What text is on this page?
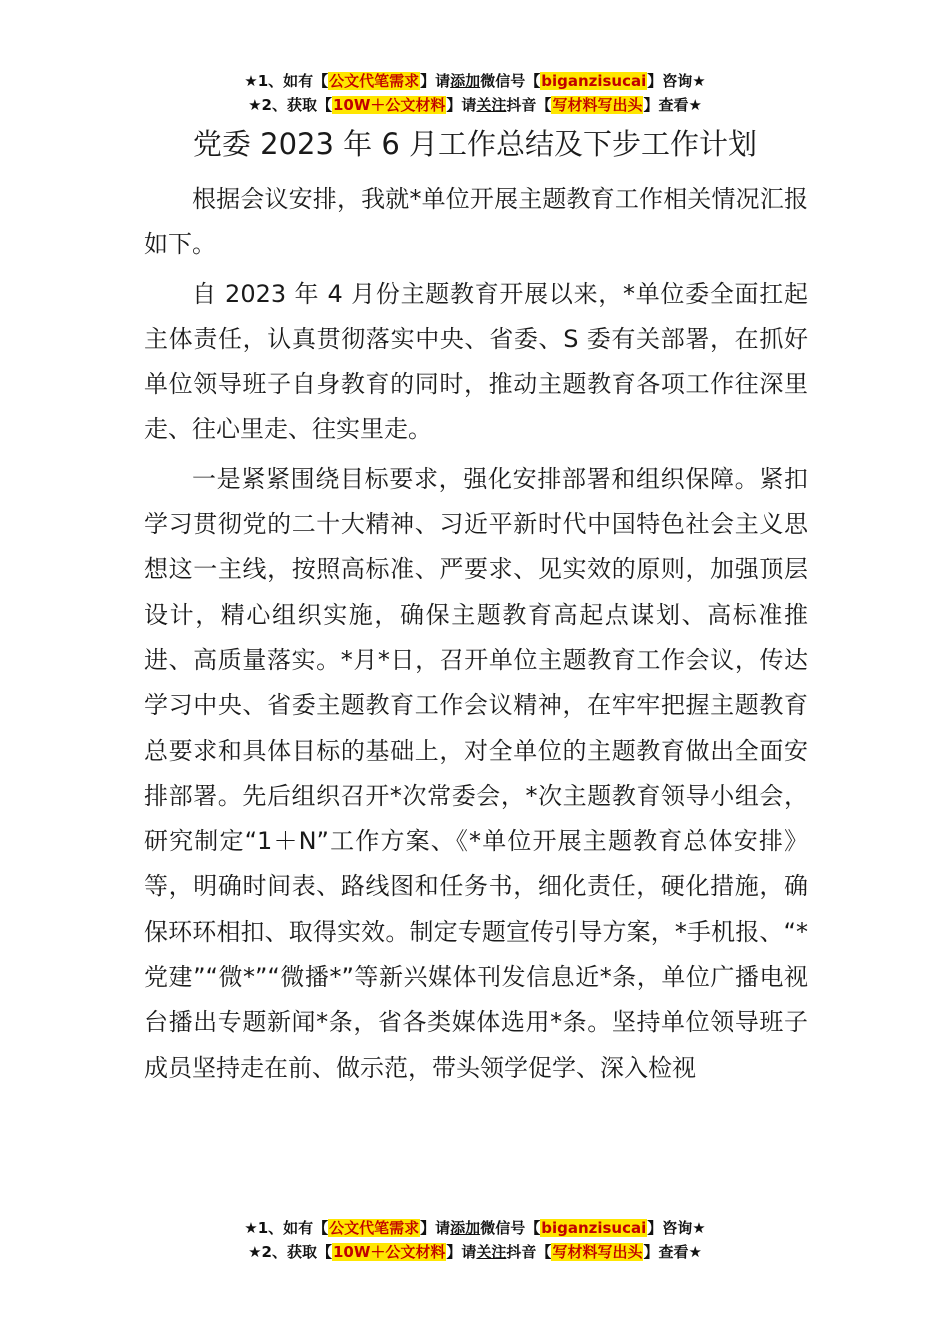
★1、如有【公文代笔需求】请添加微信号【biganzisucai】咨询★
★2、获取【10W＋公文材料】请关注抖音【写材料写出头】查看★
党委 2023 年 6 月工作总结及下步工作计划

根据会议安排，我就*单位开展主题教育工作相关情况汇报如下。

自 2023 年 4 月份主题教育开展以来，*单位委全面扛起主体责任，认真贯彻落实中央、省委、S 委有关部署，在抓好单位领导班子自身教育的同时，推动主题教育各项工作往深里走、往心里走、往实里走。

一是紧紧围绕目标要求，强化安排部署和组织保障。紧扣学习贯彻党的二十大精神、习近平新时代中国特色社会主义思想这一主线，按照高标准、严要求、见实效的原则，加强顶层设计，精心组织实施，确保主题教育高起点谋划、高标准推进、高质量落实。*月*日，召开单位主题教育工作会议，传达学习中央、省委主题教育工作会议精神，在牢牢把握主题教育总要求和具体目标的基础上，对全单位的主题教育做出全面安排部署。先后组织召开*次常委会，*次主题教育领导小组会，研究制定“1＋N”工作方案、《*单位开展主题教育总体安排》等，明确时间表、路线图和任务书，细化责任，硬化措施，确保环环相扣、取得实效。制定专题宣传引导方案，*手机报、“*党建”“微*”“微播*”等新兴媒体刊发信息近*条，单位广播电视台播出专题新闻*条，省各类媒体选用*条。坚持单位领导班子成员坚持走在前、做示范，带头领学促学、深入检视

★1、如有【公文代笔需求】请添加微信号【biganzisucai】咨询★
★2、获取【10W＋公文材料】请关注抖音【写材料写出头】查看★
